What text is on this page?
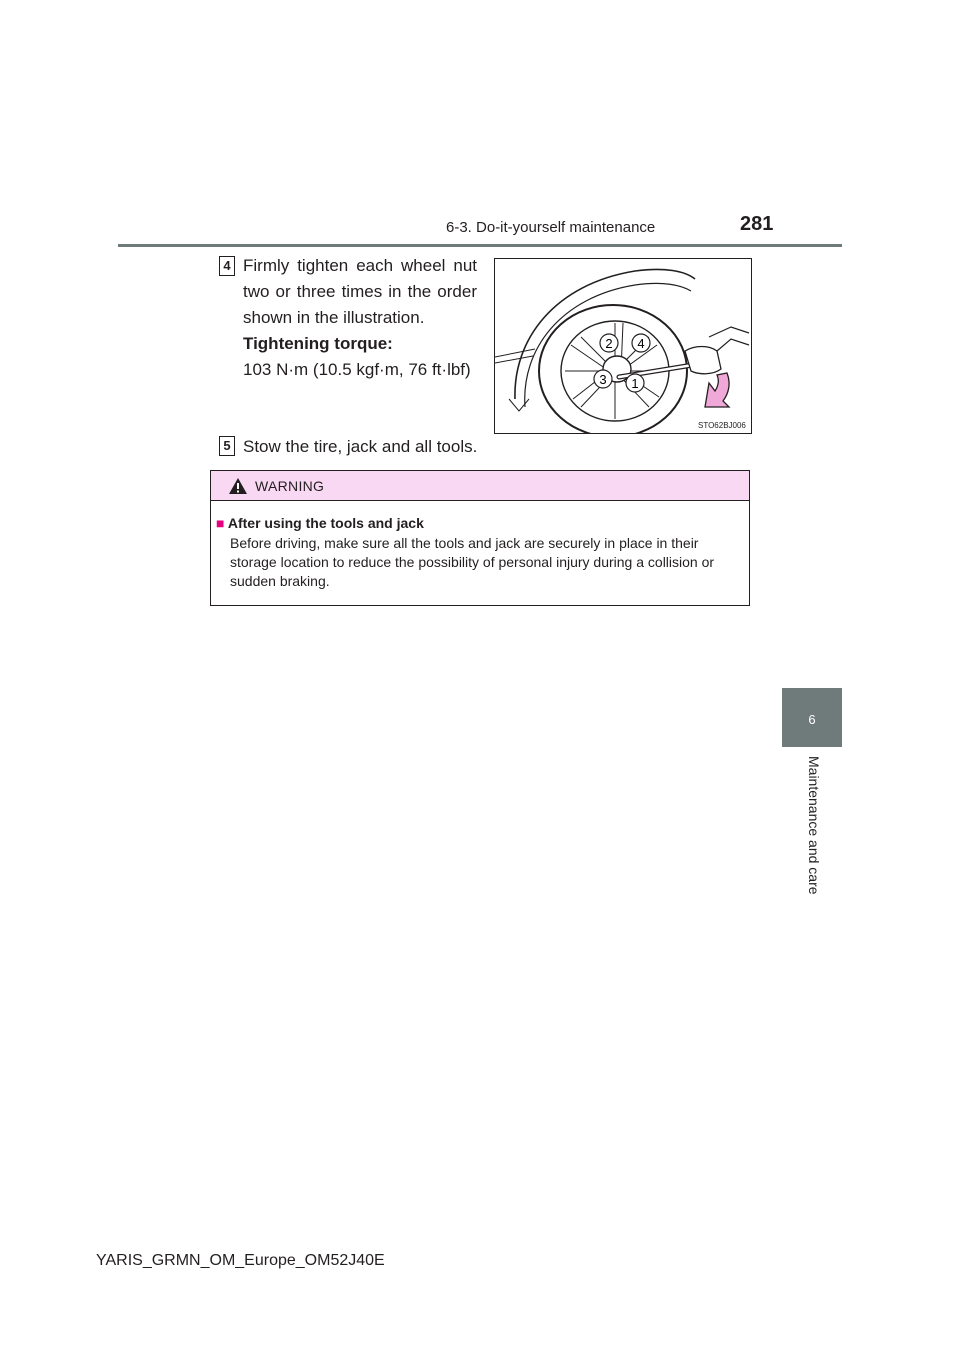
6-3. Do-it-yourself maintenance	281
6
Maintenance and care
4 Firmly tighten each wheel nut two or three times in the order shown in the illustration.
Tightening torque:
103 N·m (10.5 kgf·m, 76 ft·lbf)
1
2
3
4
STO62BJ006
5 Stow the tire, jack and all tools.
WARNING
■ After using the tools and jack
Before driving, make sure all the tools and jack are securely in place in their storage location to reduce the possibility of personal injury during a collision or sudden braking.
YARIS_GRMN_OM_Europe_OM52J40E
